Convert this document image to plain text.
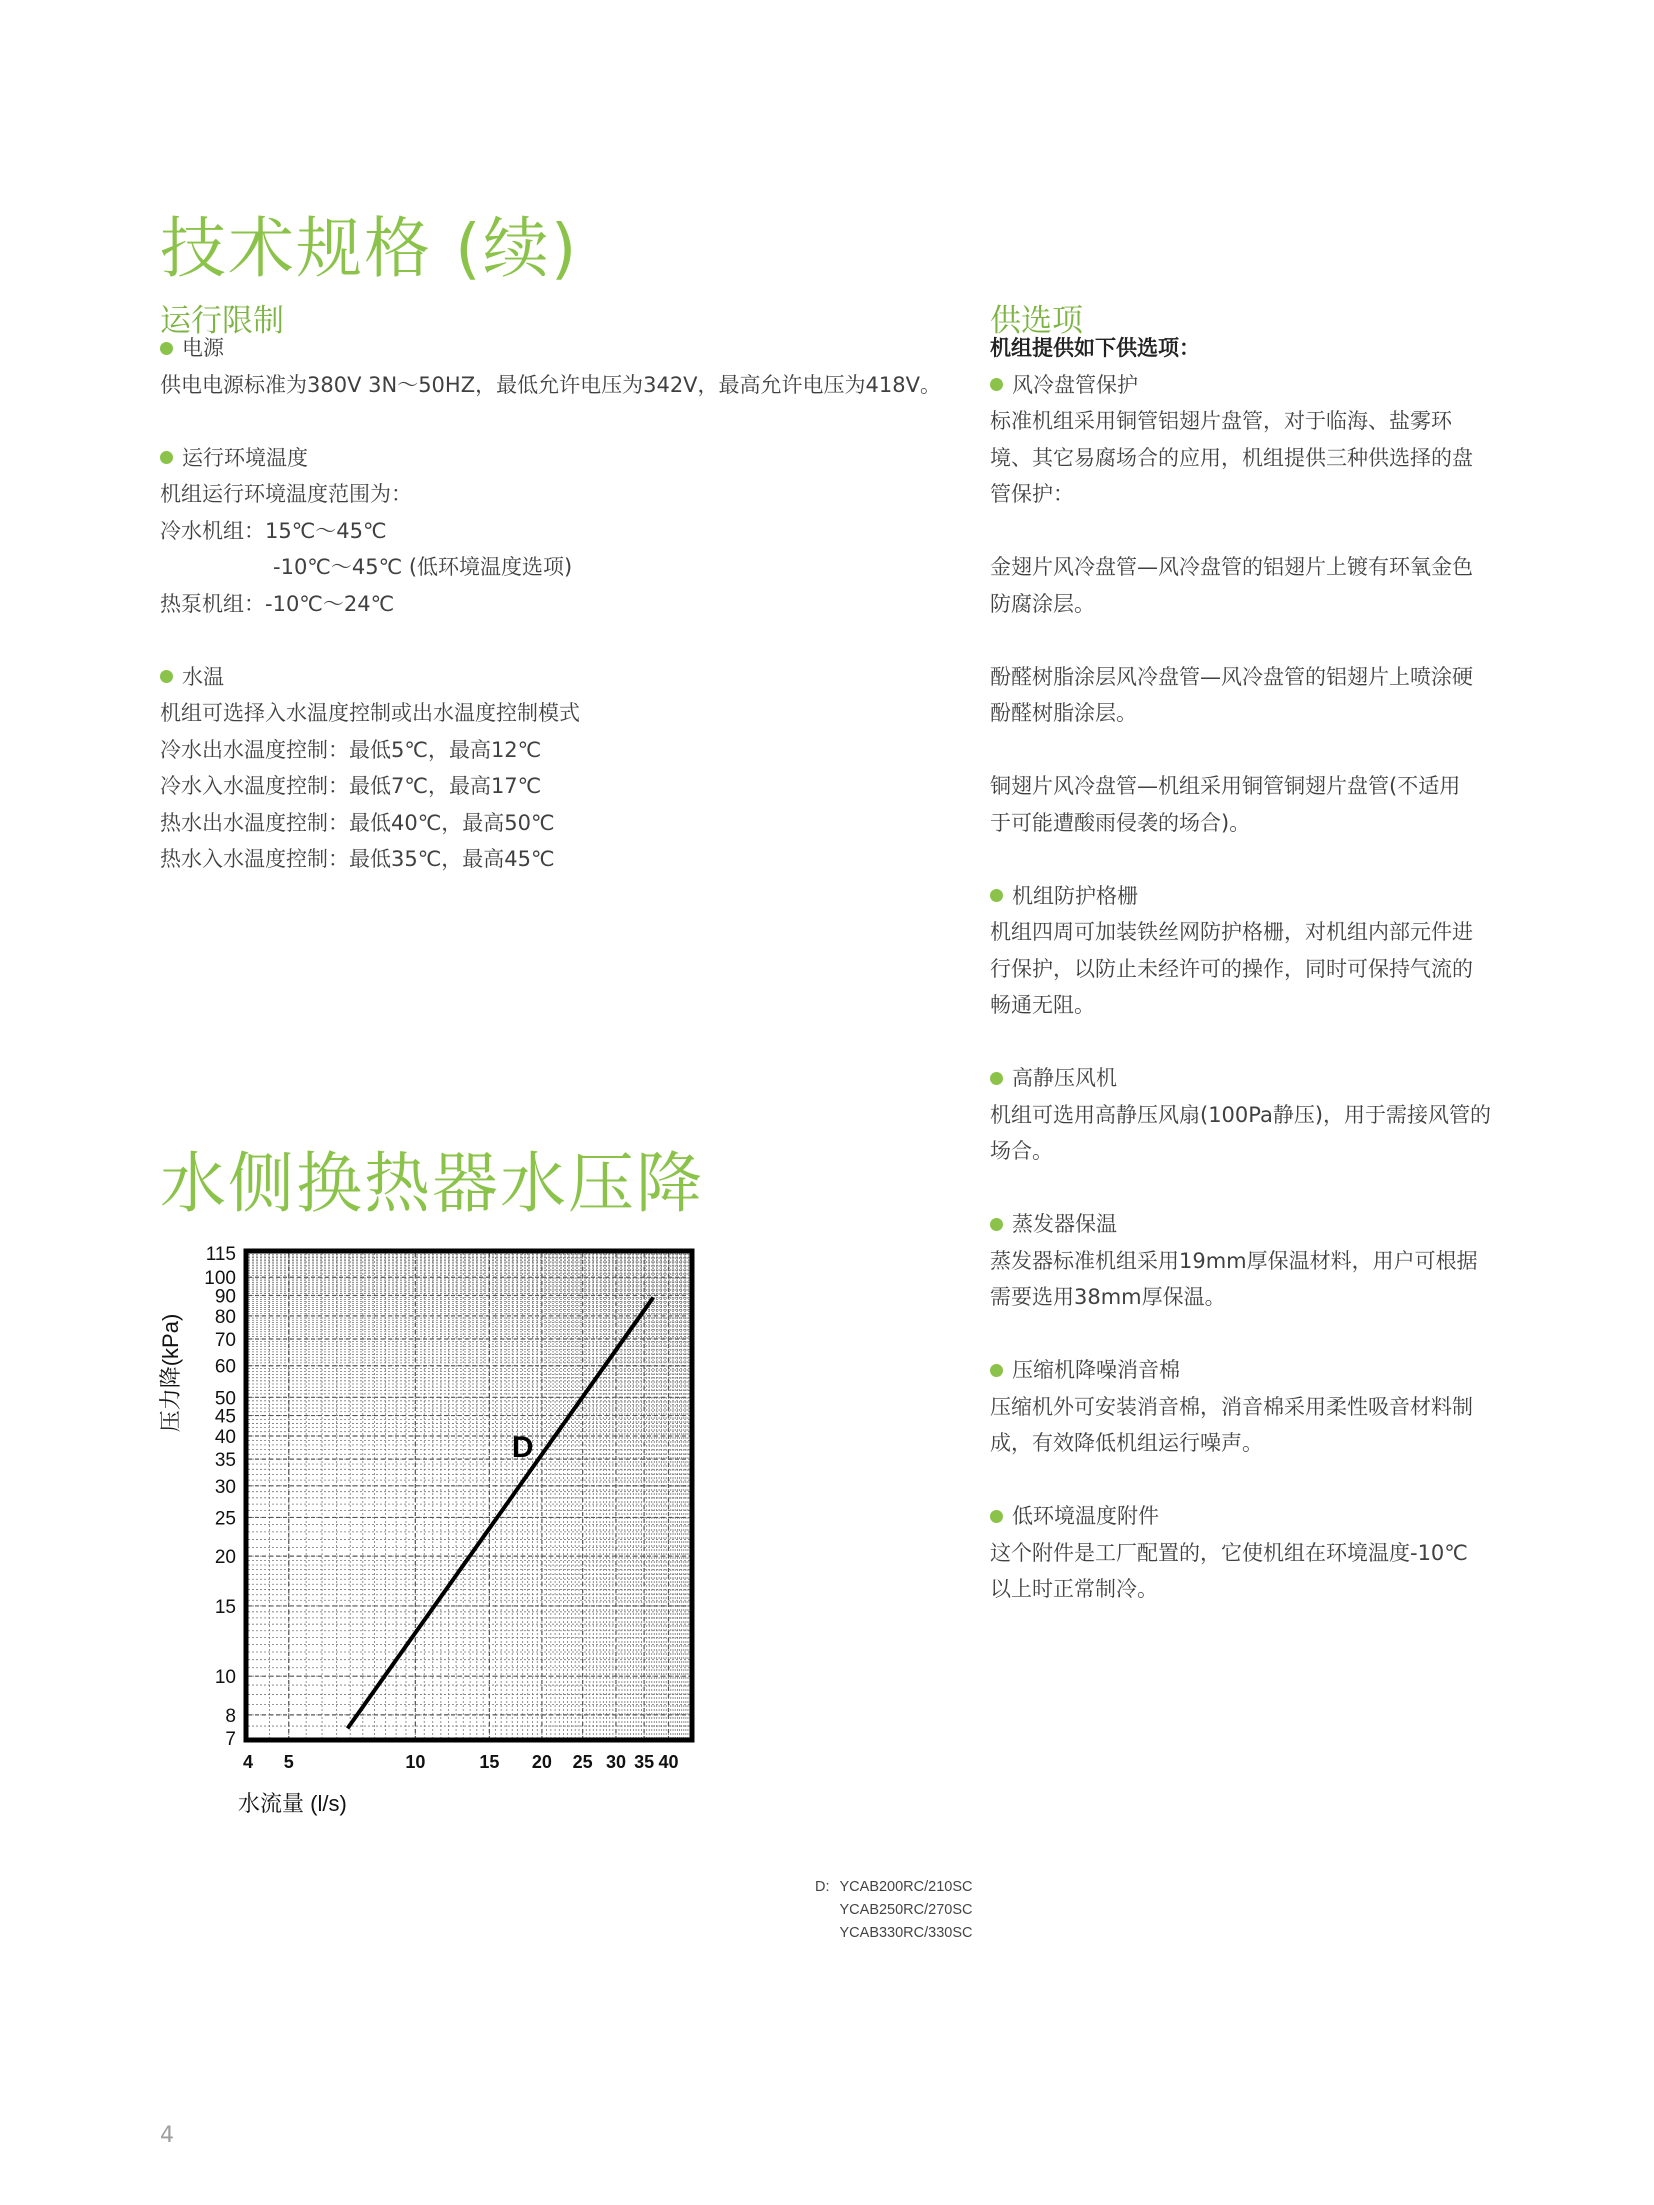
技术规格 (续)
运行限制
电源

供电电源标准为380V 3N～50HZ，最低允许电压为342V，最高允许电压为418V。

运行环境温度

机组运行环境温度范围为：

冷水机组：15℃～45℃

-10℃～45℃ (低环境温度选项)

热泵机组：-10℃～24℃

水温

机组可选择入水温度控制或出水温度控制模式

冷水出水温度控制：最低5℃，最高12℃

冷水入水温度控制：最低7℃，最高17℃

热水出水温度控制：最低40℃，最高50℃

热水入水温度控制：最低35℃，最高45℃

供选项

机组提供如下供选项：

风冷盘管保护

标准机组采用铜管铝翅片盘管，对于临海、盐雾环

境、其它易腐场合的应用，机组提供三种供选择的盘

管保护：

金翅片风冷盘管—风冷盘管的铝翅片上镀有环氧金色

防腐涂层。

酚醛树脂涂层风冷盘管—风冷盘管的铝翅片上喷涂硬

酚醛树脂涂层。

铜翅片风冷盘管—机组采用铜管铜翅片盘管(不适用

于可能遭酸雨侵袭的场合)。

机组防护格栅

机组四周可加装铁丝网防护格栅，对机组内部元件进

行保护，以防止未经许可的操作，同时可保持气流的

畅通无阻。

高静压风机

机组可选用高静压风扇(100Pa静压)，用于需接风管的

场合。

蒸发器保温

蒸发器标准机组采用19mm厚保温材料，用户可根据

需要选用38mm厚保温。

压缩机降噪消音棉

压缩机外可安装消音棉，消音棉采用柔性吸音材料制

成，有效降低机组运行噪声。

低环境温度附件

这个附件是工厂配置的，它使机组在环境温度-10℃

以上时正常制冷。

水侧换热器水压降
4 5	10	15 20 25 30 35 40
7
8
10
15
20
25
30
35
40
45
50
60
70
80
90
100
115
D
压力降(kPa)
水流量 (l/s)
D: YCAB200RC/210SC
YCAB250RC/270SC
YCAB330RC/330SC
4
